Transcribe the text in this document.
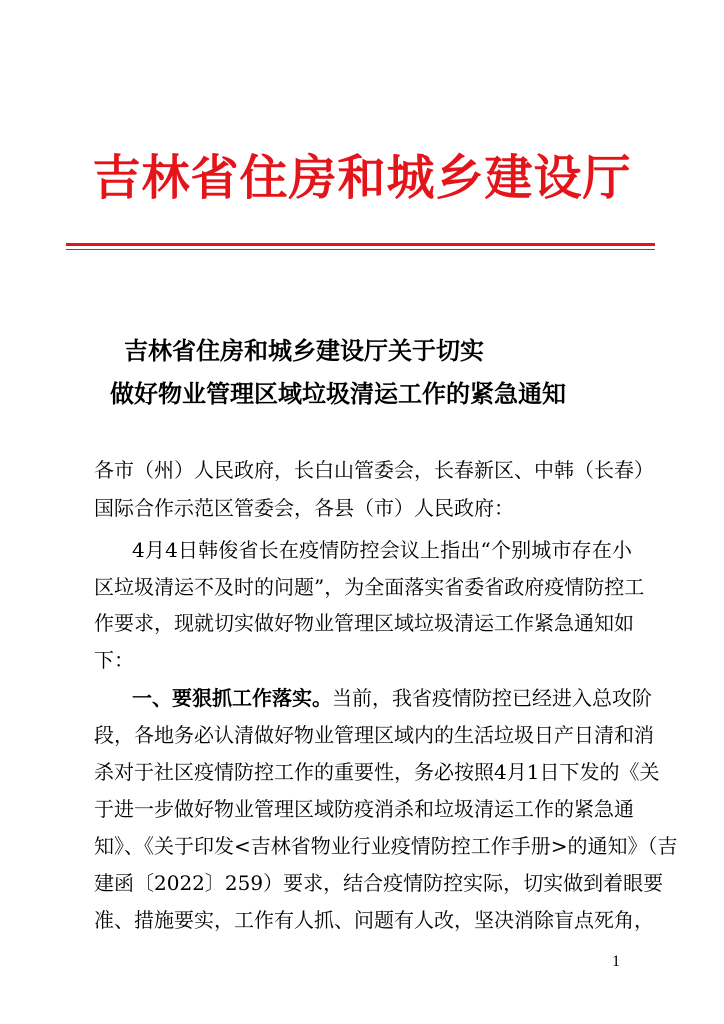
吉林省住房和城乡建设厅
吉林省住房和城乡建设厅关于切实
做好物业管理区域垃圾清运工作的紧急通知
各市（州）人民政府，长白山管委会，长春新区、中韩（长春）
国际合作示范区管委会，各县（市）人民政府：
4月4日韩俊省长在疫情防控会议上指出“个别城市存在小
区垃圾清运不及时的问题”，为全面落实省委省政府疫情防控工
作要求，现就切实做好物业管理区域垃圾清运工作紧急通知如
下：
一、要狠抓工作落实。当前，我省疫情防控已经进入总攻阶
段，各地务必认清做好物业管理区域内的生活垃圾日产日清和消
杀对于社区疫情防控工作的重要性，务必按照4月1日下发的《关
于进一步做好物业管理区域防疫消杀和垃圾清运工作的紧急通
知》、《关于印发<吉林省物业行业疫情防控工作手册>的通知》（吉
建函〔2022〕259）要求，结合疫情防控实际，切实做到着眼要
准、措施要实，工作有人抓、问题有人改，坚决消除盲点死角，
1
